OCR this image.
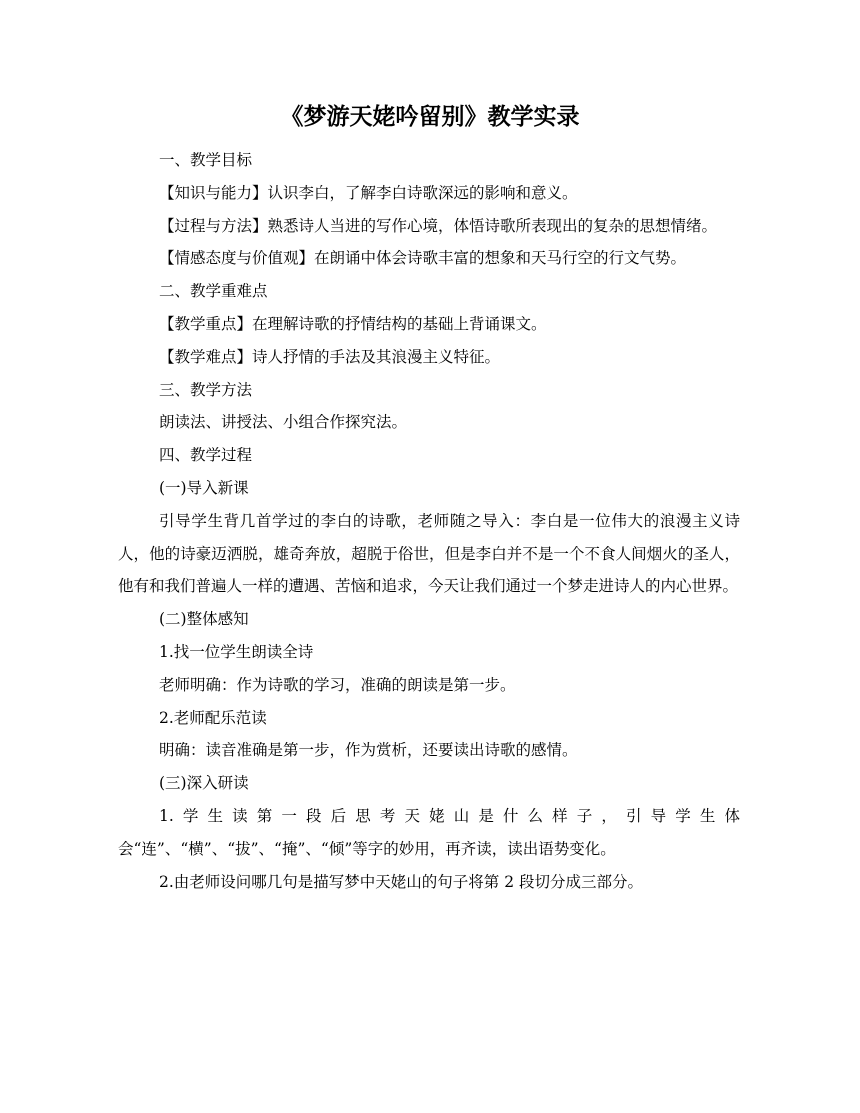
《梦游天姥吟留别》教学实录

一、教学目标

【知识与能力】认识李白，了解李白诗歌深远的影响和意义。

【过程与方法】熟悉诗人当进的写作心境，体悟诗歌所表现出的复杂的思想情绪。

【情感态度与价值观】在朗诵中体会诗歌丰富的想象和天马行空的行文气势。

二、教学重难点

【教学重点】在理解诗歌的抒情结构的基础上背诵课文。

【教学难点】诗人抒情的手法及其浪漫主义特征。

三、教学方法

朗读法、讲授法、小组合作探究法。

四、教学过程

(一)导入新课

引导学生背几首学过的李白的诗歌，老师随之导入：李白是一位伟大的浪漫主义诗人，他的诗豪迈洒脱，雄奇奔放，超脱于俗世，但是李白并不是一个不食人间烟火的圣人，他有和我们普遍人一样的遭遇、苦恼和追求，今天让我们通过一个梦走进诗人的内心世界。

(二)整体感知

1.找一位学生朗读全诗

老师明确：作为诗歌的学习，准确的朗读是第一步。

2.老师配乐范读

明确：读音准确是第一步，作为赏析，还要读出诗歌的感情。

(三)深入研读

1.学生读第一段后思考天姥山是什么样子，引导学生体会“连”、“横”、“拔”、“掩”、“倾”等字的妙用，再齐读，读出语势变化。

2.由老师设问哪几句是描写梦中天姥山的句子将第 2 段切分成三部分。
